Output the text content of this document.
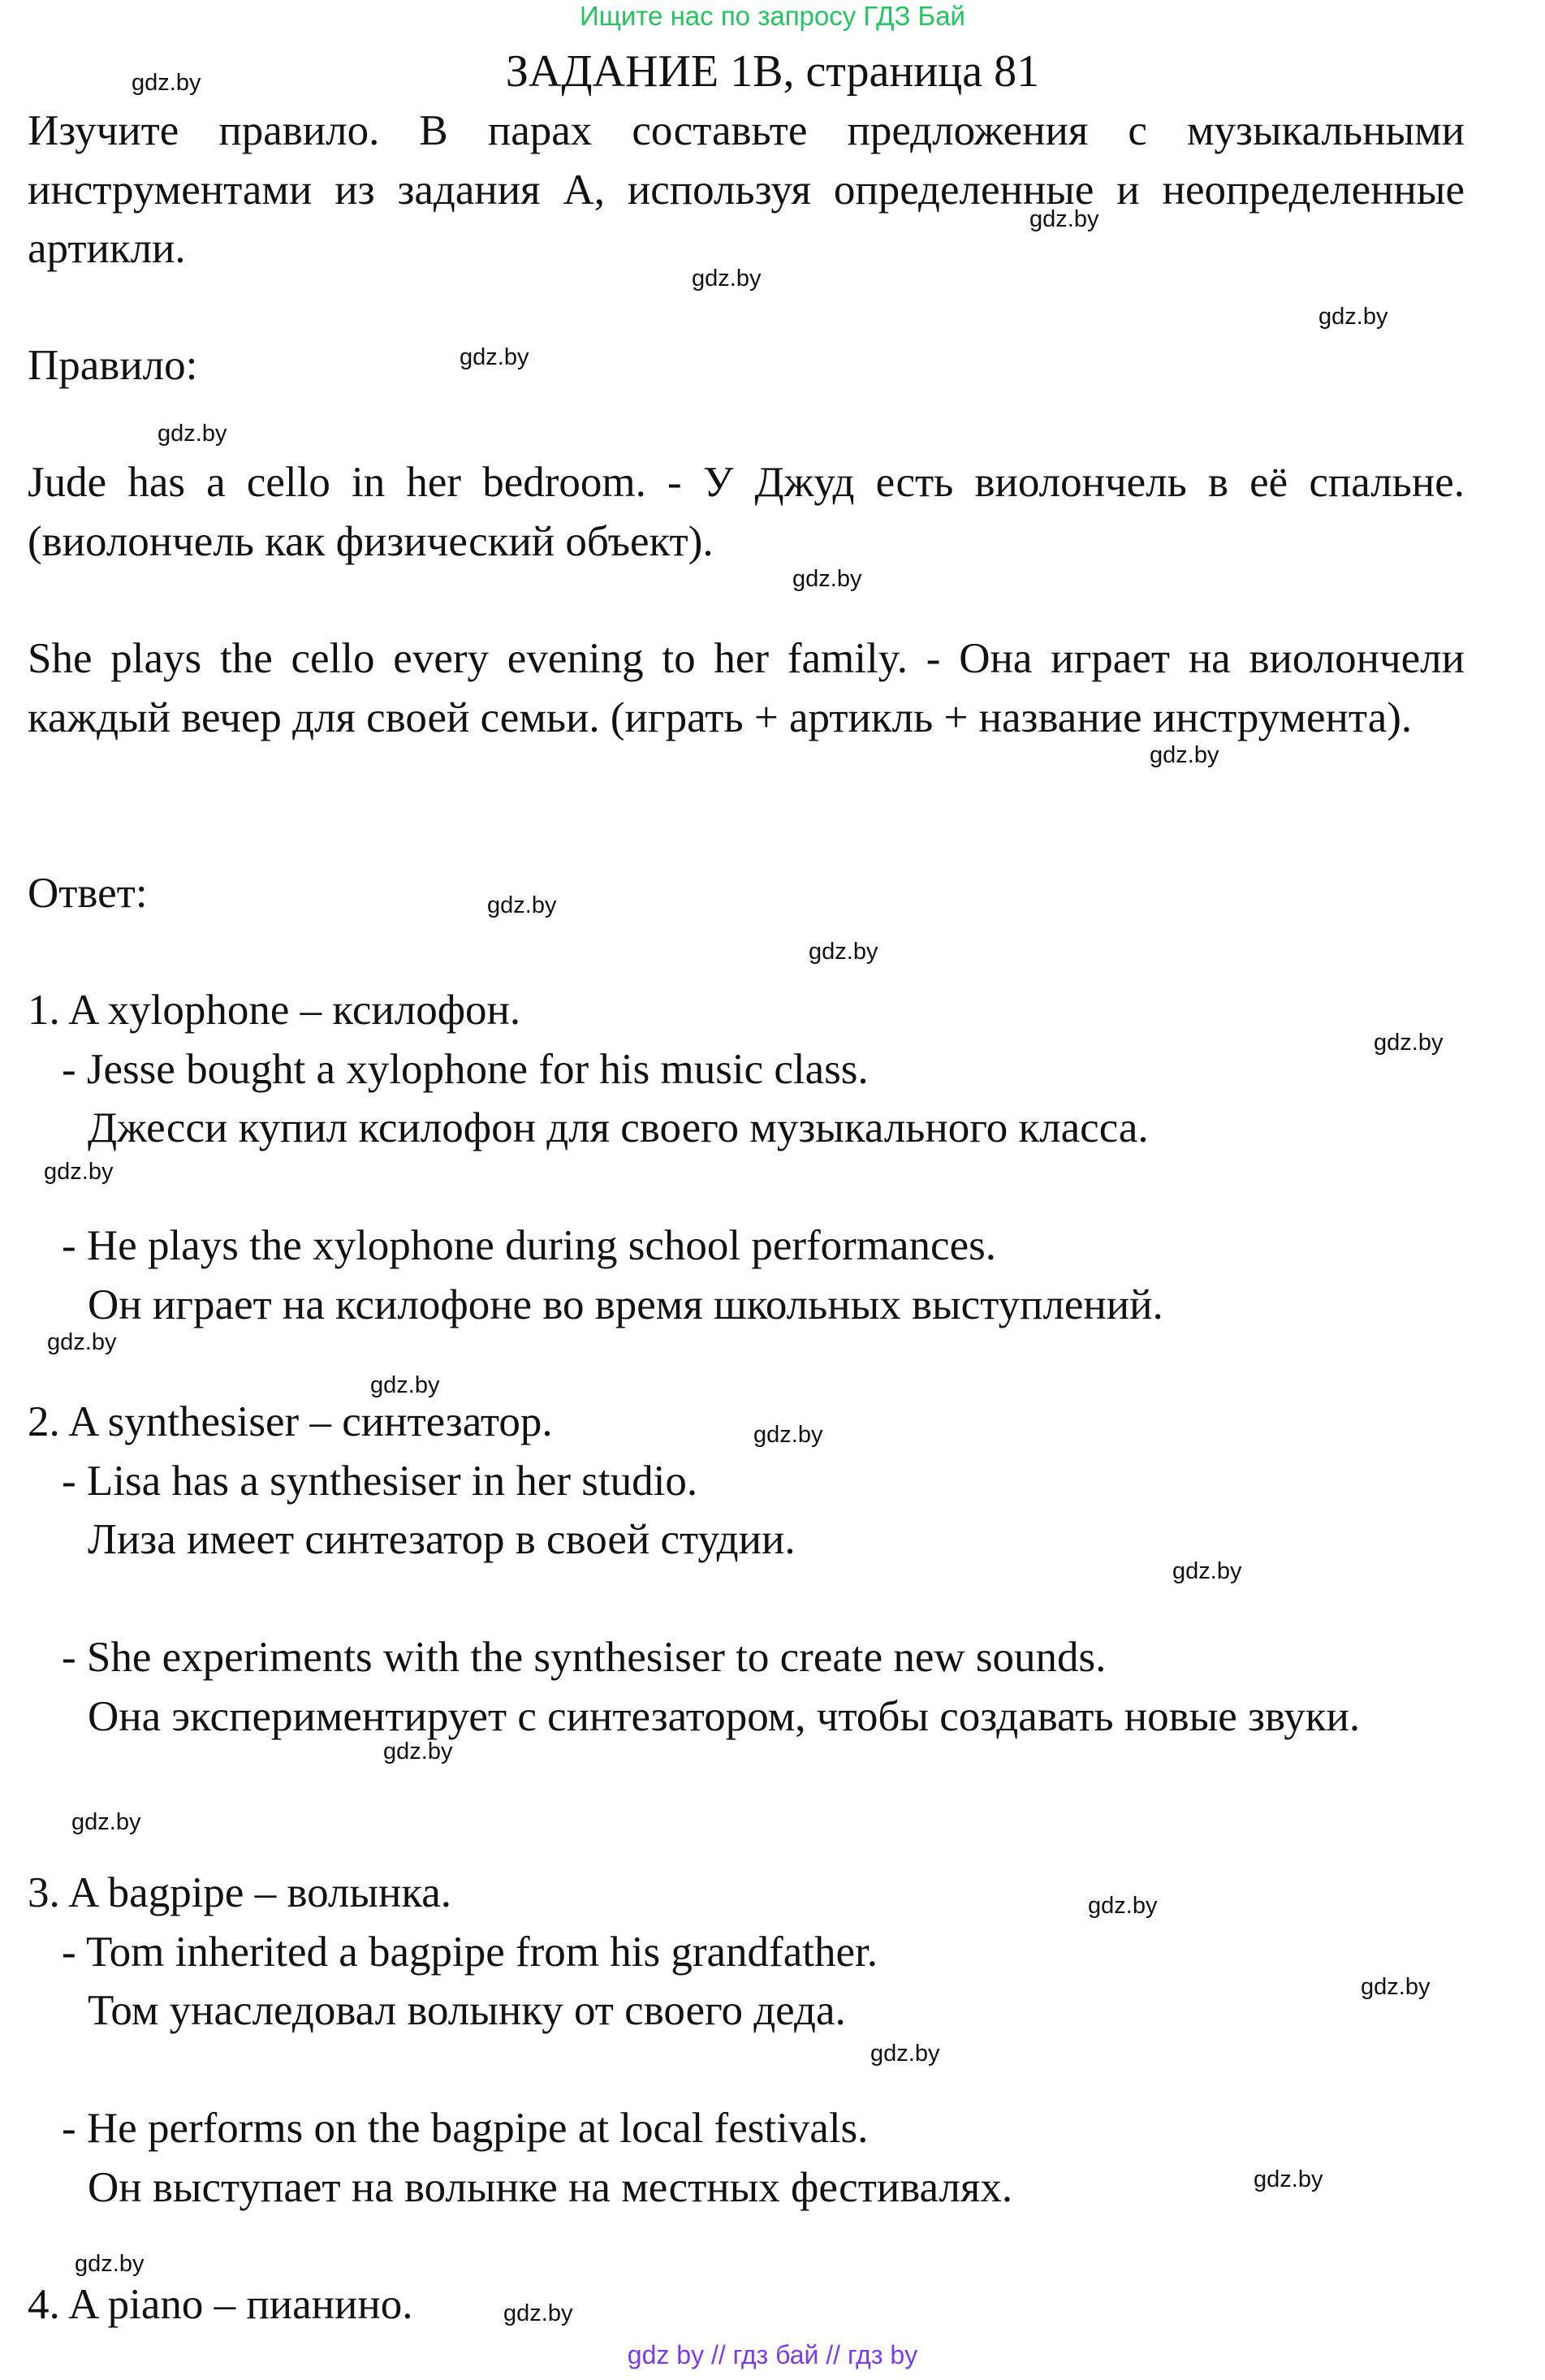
Ищите нас по запросу ГДЗ Бай
ЗАДАНИЕ 1B, страница 81

Изучите правило. В парах составьте предложения с музыкальными инструментами из задания A, используя определенные и неопределенные артикли.

Правило:

Jude has a cello in her bedroom. - У Джуд есть виолончель в её спальне. (виолончель как физический объект).

She plays the cello every evening to her family. - Она играет на виолончели каждый вечер для своей семьи. (играть + артикль + название инструмента).

Ответ:
1. A xylophone – ксилофон.
- Jesse bought a xylophone for his music class.
Джесси купил ксилофон для своего музыкального класса.
- He plays the xylophone during school performances.
Он играет на ксилофоне во время школьных выступлений.
2. A synthesiser – синтезатор.
- Lisa has a synthesiser in her studio.
Лиза имеет синтезатор в своей студии.
- She experiments with the synthesiser to create new sounds.

Она экспериментирует с синтезатором, чтобы создавать новые звуки.

3. A bagpipe – волынка.
- Tom inherited a bagpipe from his grandfather.
Том унаследовал волынку от своего деда.
- He performs on the bagpipe at local festivals.
Он выступает на волынке на местных фестивалях.
4. A piano – пианино.
gdz.by
gdz.by
gdz.by
gdz.by
gdz.by
gdz.by
gdz.by
gdz.by
gdz.by
gdz.by
gdz.by
gdz.by
gdz.by
gdz.by
gdz.by
gdz.by
gdz.by
gdz.by
gdz.by
gdz.by
gdz.by
gdz.by
gdz.by
gdz.by
gdz by // гдз бай // гдз by
